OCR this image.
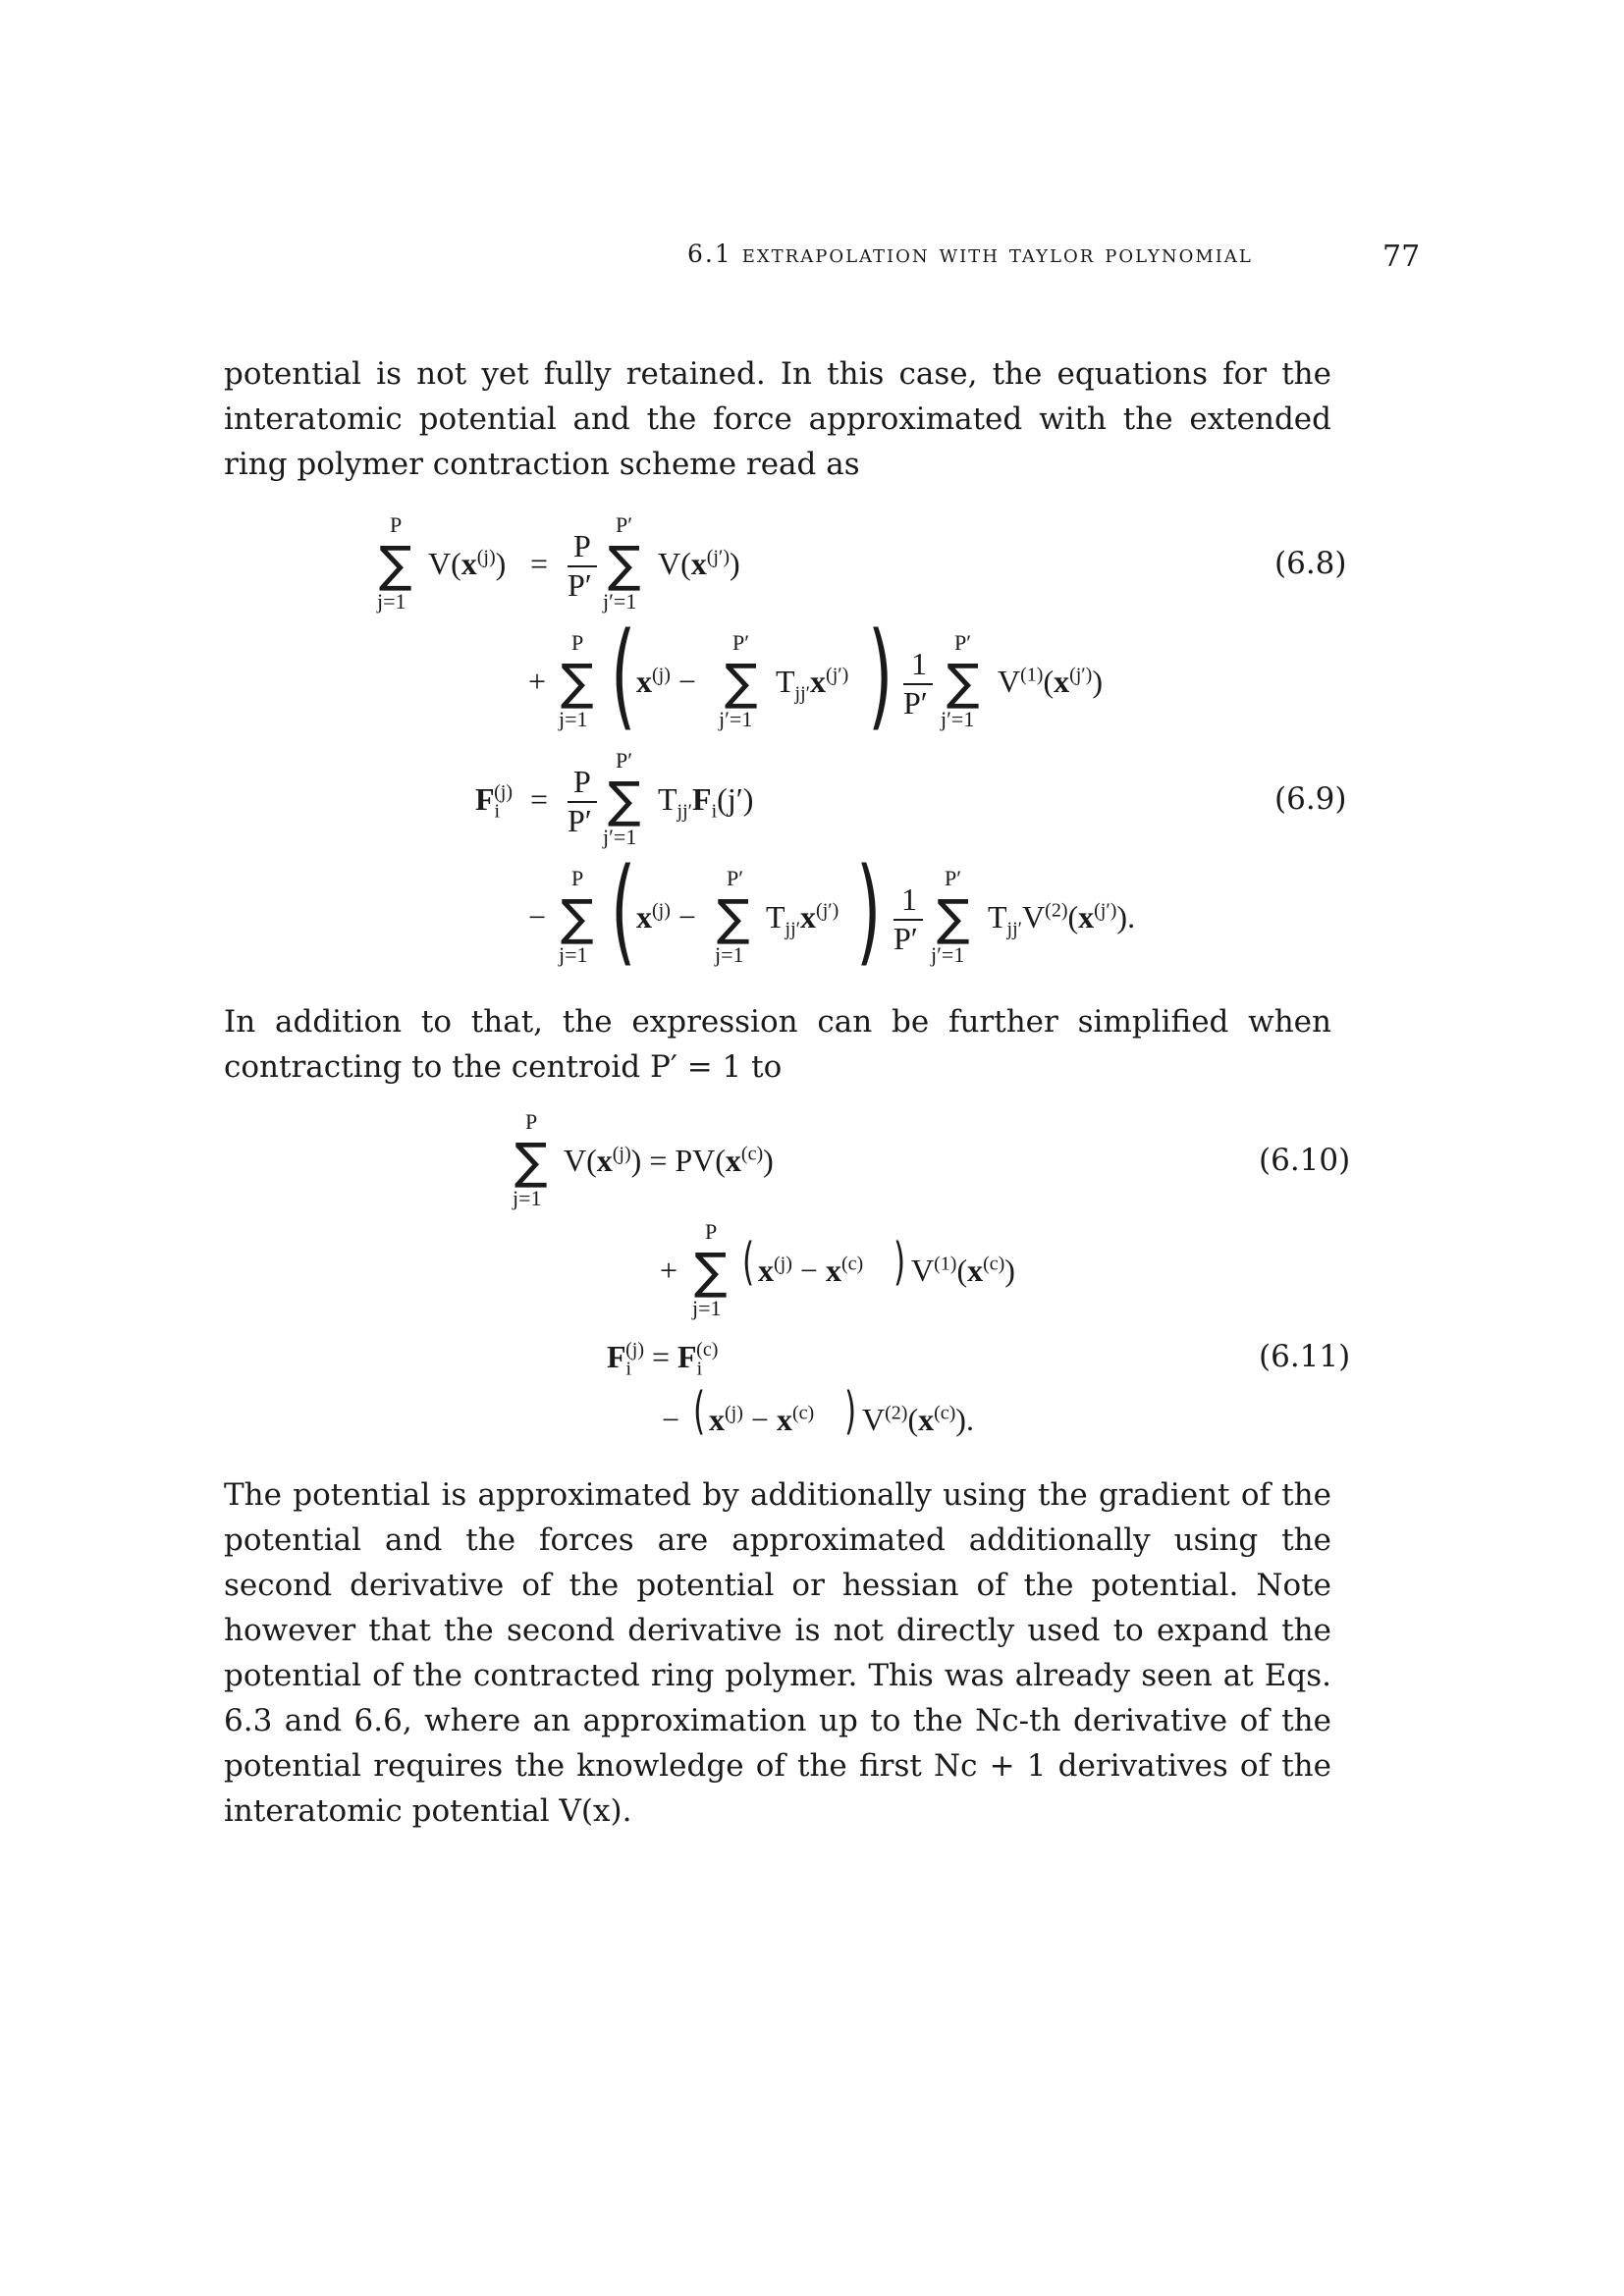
6.1 extrapolation with taylor polynomial	77
potential is not yet fully retained. In this case, the equations for the interatomic potential and the force approximated with the extended ring polymer contraction scheme read as
P
∑
j=1
$V(x^{(j)}) = P$
P′
P′
∑
j′=1
$V(x^{(j')})$	(6.8)
+
P
∑
j=1 ( $x^{(j)}$ −
P′
∑
j′=1
$T_{jj'}x^{(j')}$ ) 1
P′
P′
∑
j′=1
$V^{(1)}(x^{(j')})$
$F_i^{(j)} = P$
P′
P′
∑
j′=1
$T_{jj'}F_i(j')$	(6.9)
−
P
∑
j=1 ( $x^{(j)}$ −
P′
∑
j=1
$T_{jj'}x^{(j')}$ ) 1
P′
P′
∑
j′=1
$T_{jj'}V^{(2)}(x^{(j')})$.
In addition to that, the expression can be further simplified when contracting to the centroid P′ = 1 to
P
∑
j=1
$V(x^{(j)}) = PV(x^{(c)})$	(6.10)
+
P
∑
j=1
( $x^{(j)} - x^{(c)}$ ) $V^{(1)}(x^{(c)})$
$F_i^{(j)} = F_i^{(c)}$	(6.11)
− ( $x^{(j)} - x^{(c)}$ ) $V^{(2)}(x^{(c)})$.
The potential is approximated by additionally using the gradient of the potential and the forces are approximated additionally using the second derivative of the potential or hessian of the potential. Note however that the second derivative is not directly used to expand the potential of the contracted ring polymer. This was already seen at Eqs. 6.3 and 6.6, where an approximation up to the Nc-th derivative of the potential requires the knowledge of the first Nc + 1 derivatives of the interatomic potential V(x).
